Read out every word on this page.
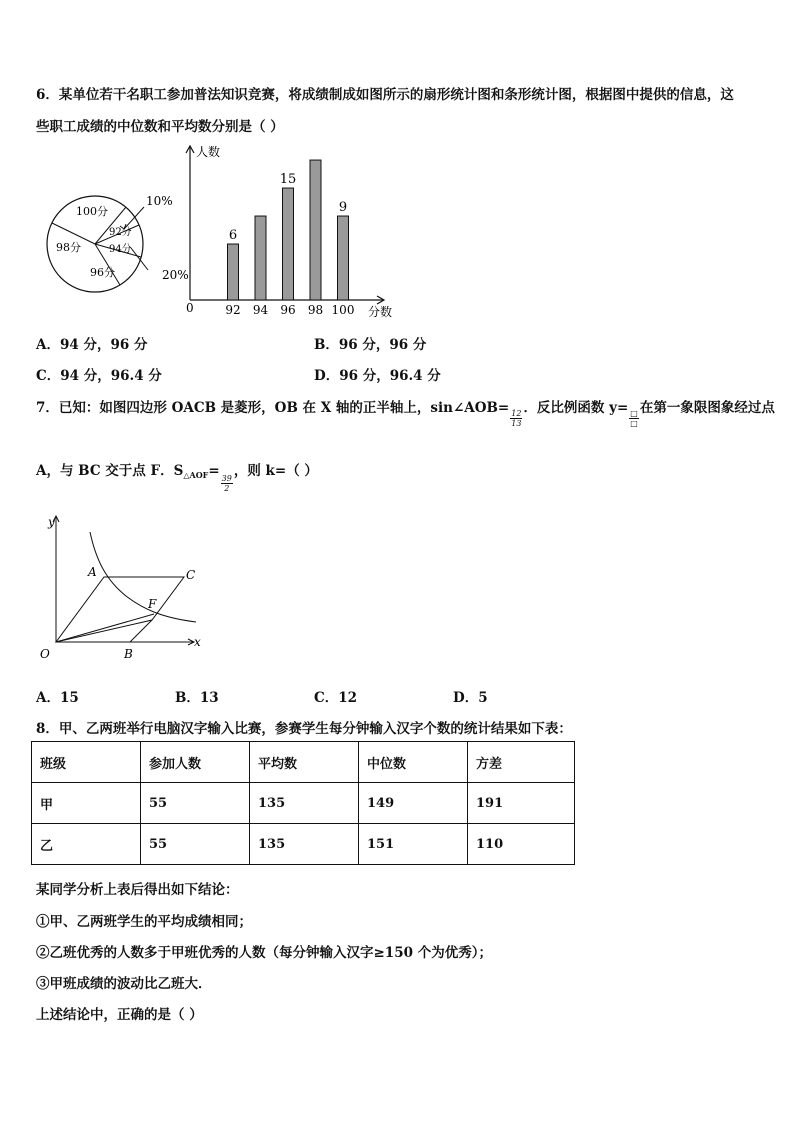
6．某单位若干名职工参加普法知识竞赛，将成绩制成如图所示的扇形统计图和条形统计图，根据图中提供的信息，这
些职工成绩的中位数和平均数分别是（ ）
100分
92分
94分
96分
98分
10%
20%
人数
分数
0	92
6
94 96
15
98 100
9
A．94 分，96 分	B．96 分，96 分
C．94 分，96.4 分	D．96 分，96.4 分
7．已知：如图四边形 OACB 是菱形，OB 在 X 轴的正半轴上，sin∠AOB=
$\frac{12}{13}$
．反比例函数 y=
$\frac{□}{□}$
在第一象限图象经过点
A，与 BC 交于点 F．$S_{\triangle AOF}=$
$\frac{39}{2}$
，则 k=（ ）
y
x
O
A	C
F
B
A．15	B．13	C．12	D．5
8．甲、乙两班举行电脑汉字输入比赛，参赛学生每分钟输入汉字个数的统计结果如下表：
班级	参加人数	平均数	中位数	方差
甲	55	135	149	191
乙	55	135	151	110
某同学分析上表后得出如下结论：
①甲、乙两班学生的平均成绩相同；
②乙班优秀的人数多于甲班优秀的人数（每分钟输入汉字≥150 个为优秀）；
③甲班成绩的波动比乙班大．
上述结论中，正确的是（ ）
